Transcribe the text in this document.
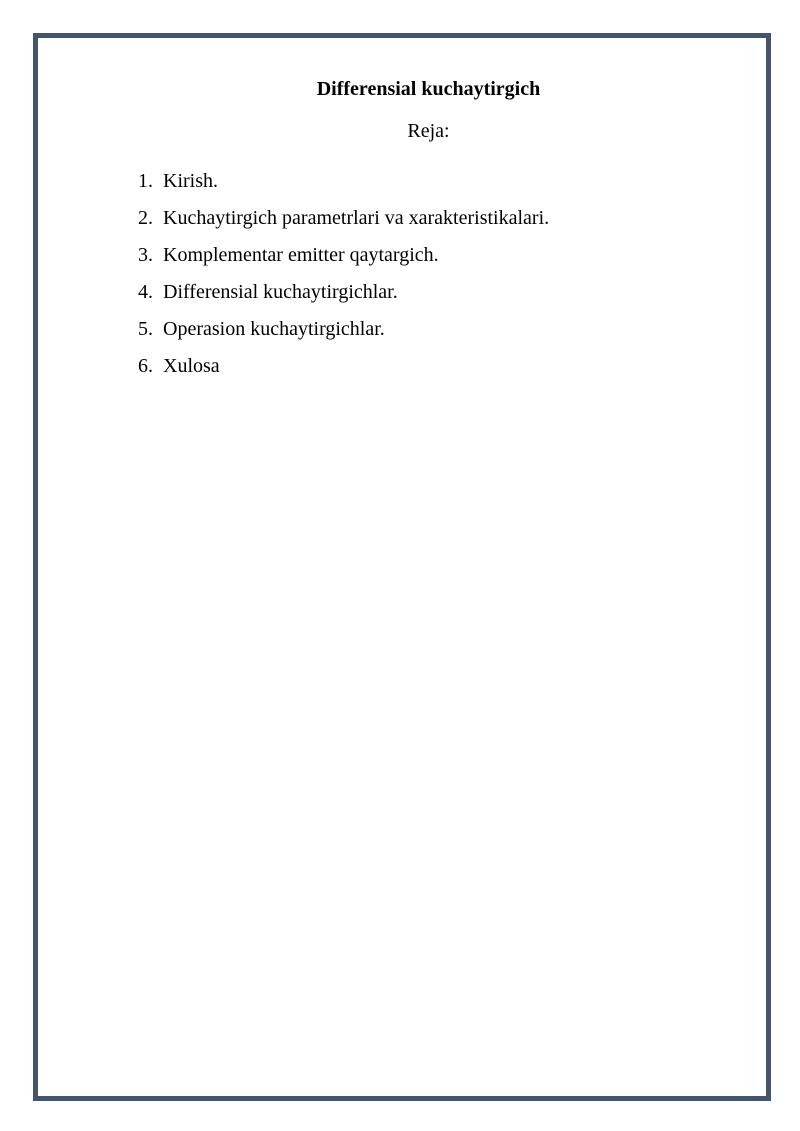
Differensial kuchaytirgich
Reja:
1. Kirish.
2. Kuchaytirgich parametrlari va xarakteristikalari.
3. Komplementar emitter qaytargich.
4. Differensial kuchaytirgichlar.
5. Operasion kuchaytirgichlar.
6. Xulosa
